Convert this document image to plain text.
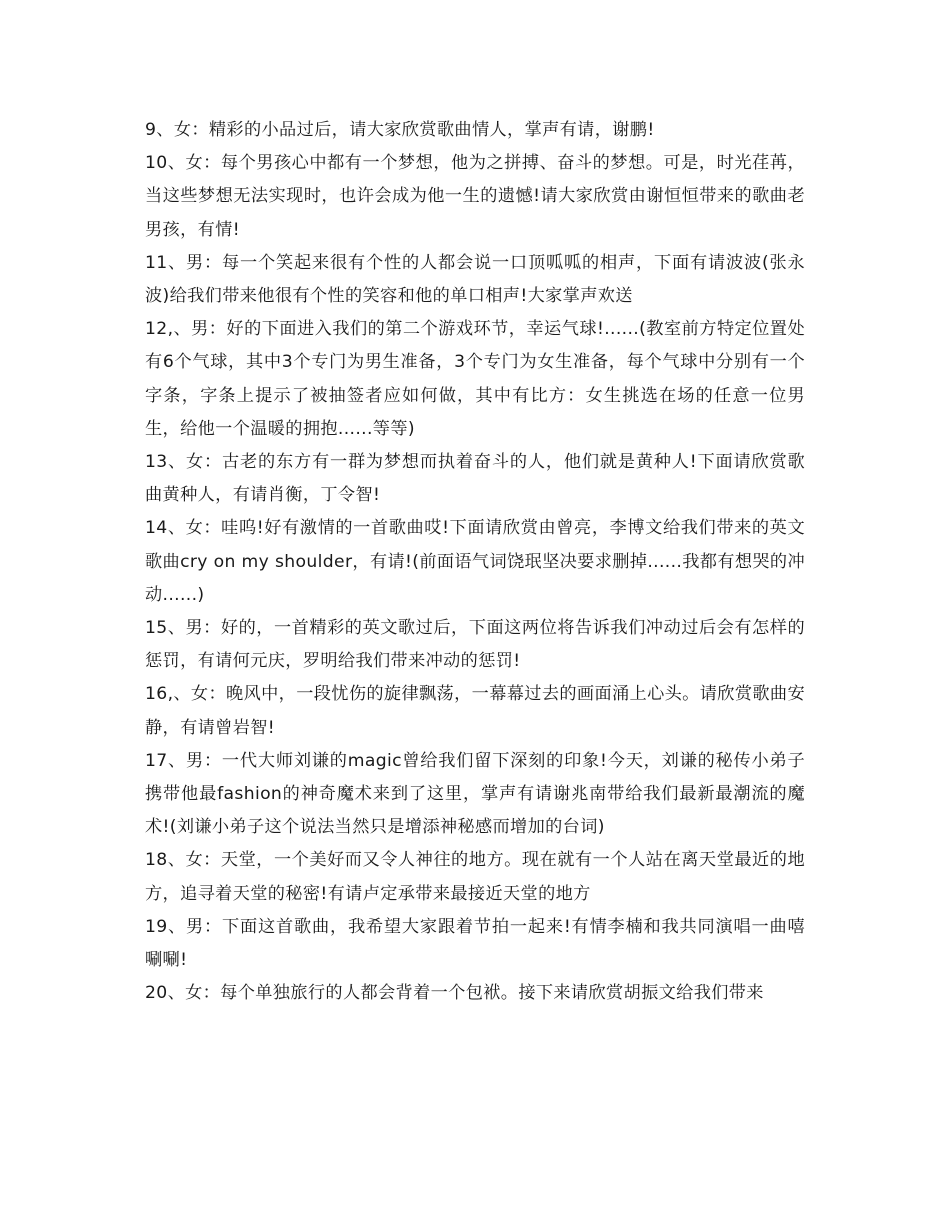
9、女：精彩的小品过后，请大家欣赏歌曲情人，掌声有请，谢鹏!

10、女：每个男孩心中都有一个梦想，他为之拼搏、奋斗的梦想。可是，时光荏苒，当这些梦想无法实现时，也许会成为他一生的遗憾!请大家欣赏由谢恒恒带来的歌曲老男孩，有情!

11、男：每一个笑起来很有个性的人都会说一口顶呱呱的相声，下面有请波波(张永波)给我们带来他很有个性的笑容和他的单口相声!大家掌声欢送

12,、男：好的下面进入我们的第二个游戏环节，幸运气球!......(教室前方特定位置处有6个气球，其中3个专门为男生准备，3个专门为女生准备，每个气球中分别有一个字条，字条上提示了被抽签者应如何做，其中有比方：女生挑选在场的任意一位男生，给他一个温暖的拥抱......等等)

13、女：古老的东方有一群为梦想而执着奋斗的人，他们就是黄种人!下面请欣赏歌曲黄种人，有请肖衡，丁令智!

14、女：哇呜!好有激情的一首歌曲哎!下面请欣赏由曾亮，李博文给我们带来的英文歌曲cry on my shoulder，有请!(前面语气词饶珉坚决要求删掉......我都有想哭的冲动......)

15、男：好的，一首精彩的英文歌过后，下面这两位将告诉我们冲动过后会有怎样的惩罚，有请何元庆，罗明给我们带来冲动的惩罚!

16,、女：晚风中，一段忧伤的旋律飘荡，一幕幕过去的画面涌上心头。请欣赏歌曲安静，有请曾岩智!

17、男：一代大师刘谦的magic曾给我们留下深刻的印象!今天，刘谦的秘传小弟子携带他最fashion的神奇魔术来到了这里，掌声有请谢兆南带给我们最新最潮流的魔术!(刘谦小弟子这个说法当然只是增添神秘感而增加的台词)

18、女：天堂，一个美好而又令人神往的地方。现在就有一个人站在离天堂最近的地方，追寻着天堂的秘密!有请卢定承带来最接近天堂的地方

19、男：下面这首歌曲，我希望大家跟着节拍一起来!有情李楠和我共同演唱一曲嘻唰唰!

20、女：每个单独旅行的人都会背着一个包袱。接下来请欣赏胡振文给我们带来
